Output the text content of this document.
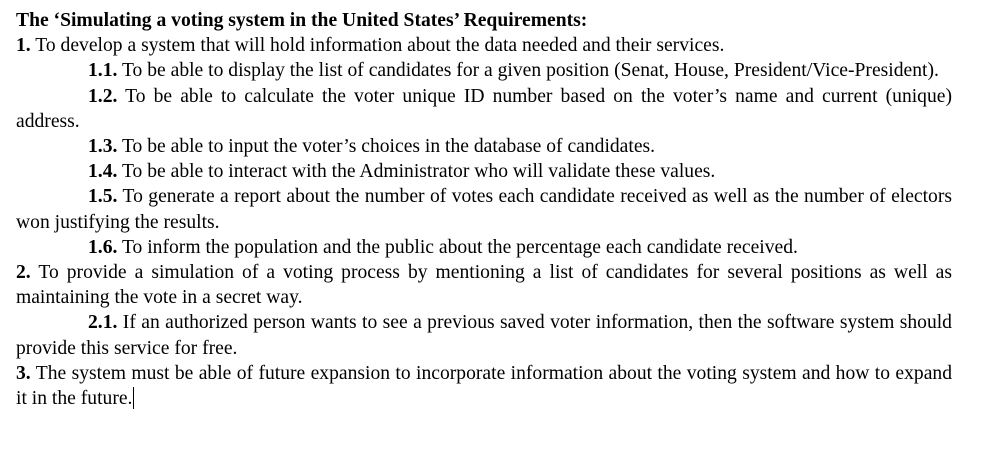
The ‘Simulating a voting system in the United States’ Requirements:

1. To develop a system that will hold information about the data needed and their services.

1.1. To be able to display the list of candidates for a given position (Senat, House, President/Vice-President).

1.2. To be able to calculate the voter unique ID number based on the voter’s name and current (unique) address.

1.3. To be able to input the voter’s choices in the database of candidates.

1.4. To be able to interact with the Administrator who will validate these values.

1.5. To generate a report about the number of votes each candidate received as well as the number of electors won justifying the results.

1.6. To inform the population and the public about the percentage each candidate received.

2. To provide a simulation of a voting process by mentioning a list of candidates for several positions as well as maintaining the vote in a secret way.

2.1. If an authorized person wants to see a previous saved voter information, then the software system should provide this service for free.

3. The system must be able of future expansion to incorporate information about the voting system and how to expand it in the future.
